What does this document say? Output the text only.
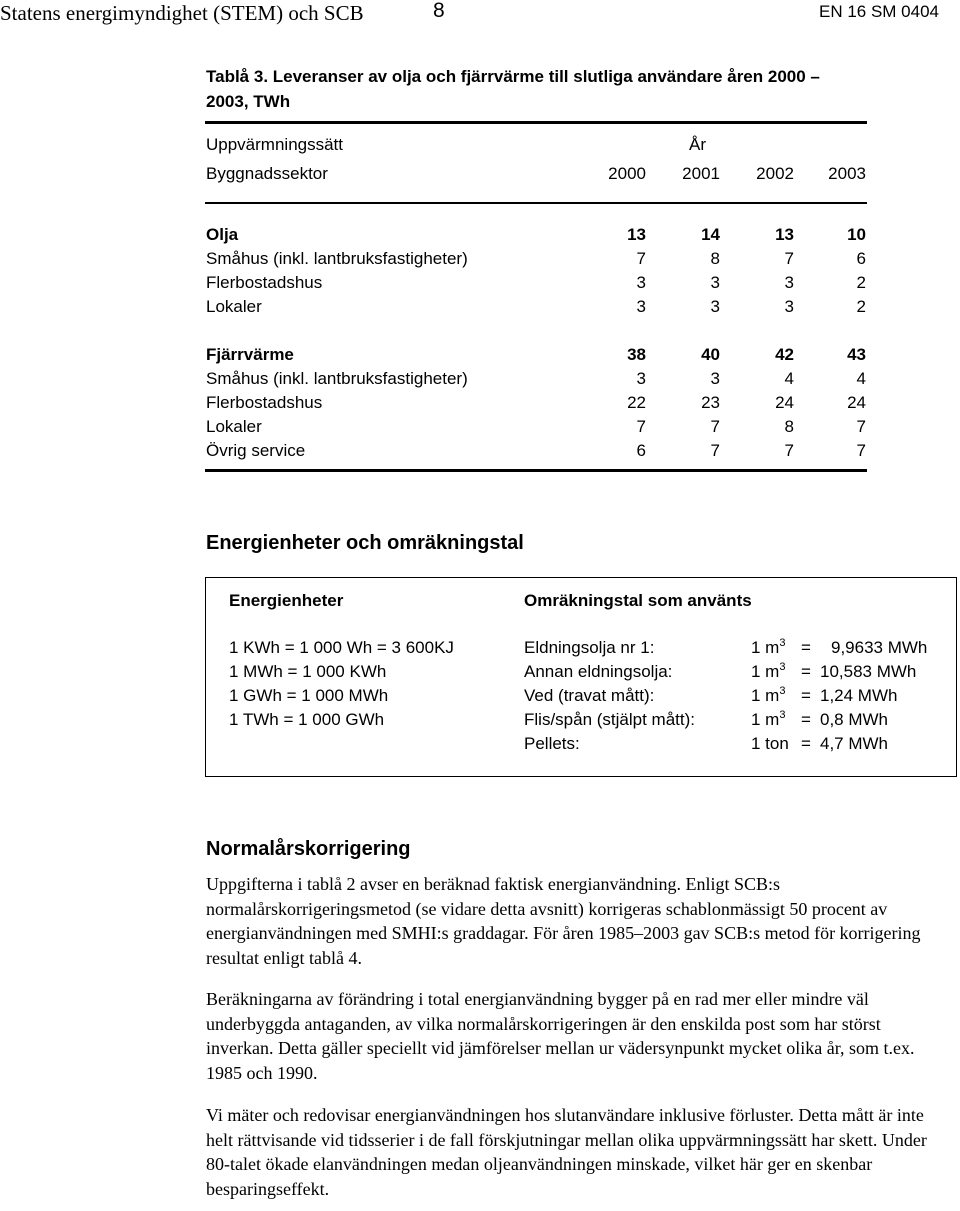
Statens energimyndighet (STEM) och SCB	8	EN 16 SM 0404
Tablå 3. Leveranser av olja och fjärrvärme till slutliga användare åren 2000 – 2003, TWh
Uppvärmningssätt	År
Byggnadssektor	2000	2001	2002	2003
Olja	13	14	13	10
Småhus (inkl. lantbruksfastigheter)	7	8	7	6
Flerbostadshus	3	3	3	2
Lokaler	3	3	3	2
Fjärrvärme	38	40	42	43
Småhus (inkl. lantbruksfastigheter)	3	3	4	4
Flerbostadshus	22	23	24	24
Lokaler	7	7	8	7
Övrig service	6	7	7	7
Energienheter och omräkningstal
Energienheter	Omräkningstal som använts
1 KWh = 1 000 Wh = 3 600KJ
1 MWh = 1 000 KWh
1 GWh = 1 000 MWh
1 TWh = 1 000 GWh
Eldningsolja nr 1:	1 $m^3 = 9,9633$ MWh
Annan eldningsolja:	1 $m^3 = 10,583$ MWh
Ved (travat mått):	1 $m^3 = 1,24$ MWh
Flis/spån (stjälpt mått):	1 $m^3 = 0,8$ MWh
Pellets:	1 ton = 4,7 MWh
Normalårskorrigering

Uppgifterna i tablå 2 avser en beräknad faktisk energianvändning. Enligt SCB:s normalårskorrigeringsmetod (se vidare detta avsnitt) korrigeras schablonmässigt 50 procent av energianvändningen med SMHI:s graddagar. För åren 1985–2003 gav SCB:s metod för korrigering resultat enligt tablå 4.

Beräkningarna av förändring i total energianvändning bygger på en rad mer eller mindre väl underbyggda antaganden, av vilka normalårskorrigeringen är den enskilda post som har störst inverkan. Detta gäller speciellt vid jämförelser mellan ur vädersynpunkt mycket olika år, som t.ex. 1985 och 1990.

Vi mäter och redovisar energianvändningen hos slutanvändare inklusive förluster. Detta mått är inte helt rättvisande vid tidsserier i de fall förskjutningar mellan olika uppvärmningssätt har skett. Under 80-talet ökade elanvändningen medan oljeanvändningen minskade, vilket här ger en skenbar besparingseffekt.
